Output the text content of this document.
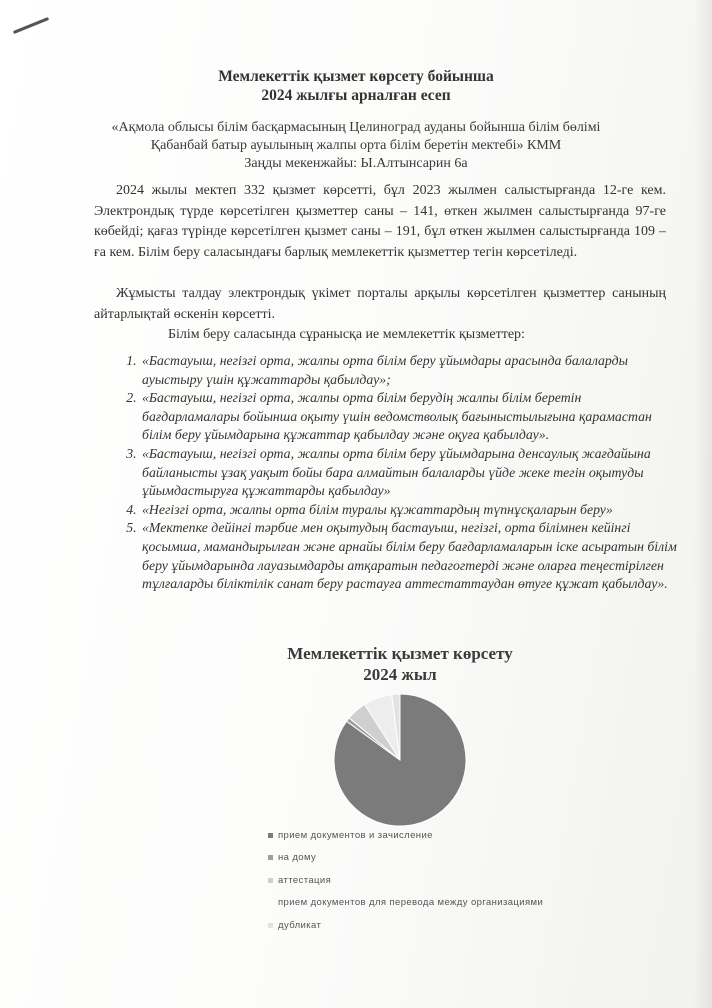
Мемлекеттік қызмет көрсету бойынша
2024 жылғы арналған есеп
«Ақмола облысы білім басқармасының Целиноград ауданы бойынша білім бөлімі
Қабанбай батыр ауылының жалпы орта білім беретін мектебі» КММ
Заңды мекенжайы: Ы.Алтынсарин 6а
2024 жылы мектеп 332 қызмет көрсетті, бұл 2023 жылмен салыстырғанда 12-ге кем. Электрондық түрде көрсетілген қызметтер саны – 141, өткен жылмен салыстырғанда 97-ге көбейді; қағаз түрінде көрсетілген қызмет саны – 191, бұл өткен жылмен салыстырғанда 109 – ға кем. Білім беру саласындағы барлық мемлекеттік қызметтер тегін көрсетіледі.
Жұмысты талдау электрондық үкімет порталы арқылы көрсетілген қызметтер санының айтарлықтай өскенін көрсетті.
Білім беру саласында сұранысқа ие мемлекеттік қызметтер:
1. «Бастауыш, негізгі орта, жалпы орта білім беру ұйымдары арасында балаларды ауыстыру үшін құжаттарды қабылдау»;
2. «Бастауыш, негізгі орта, жалпы орта білім берудің жалпы білім беретін бағдарламалары бойынша оқыту үшін ведомстволық бағыныстылығына қарамастан білім беру ұйымдарына құжаттар қабылдау және оқуға қабылдау».
3. «Бастауыш, негізгі орта, жалпы орта білім беру ұйымдарына денсаулық жағдайына байланысты ұзақ уақыт бойы бара алмайтын балаларды үйде жеке тегін оқытуды ұйымдастыруға құжаттарды қабылдау»
4. «Негізгі орта, жалпы орта білім туралы құжаттардың түпнұсқаларын беру»
5. «Мектепке дейінгі тәрбие мен оқытудың бастауыш, негізгі, орта білімнен кейінгі қосымша, мамандырылған және арнайы білім беру бағдарламаларын іске асыратын білім беру ұйымдарында лауазымдарды атқаратын педагогтерді және оларға теңестірілген тұлғаларды біліктілік санат беру растауға аттестаттаудан өтуге құжат қабылдау».
Мемлекеттік қызмет көрсету
2024 жыл
прием документов и зачисление
на дому
аттестация
прием документов для перевода между организациями
дубликат
